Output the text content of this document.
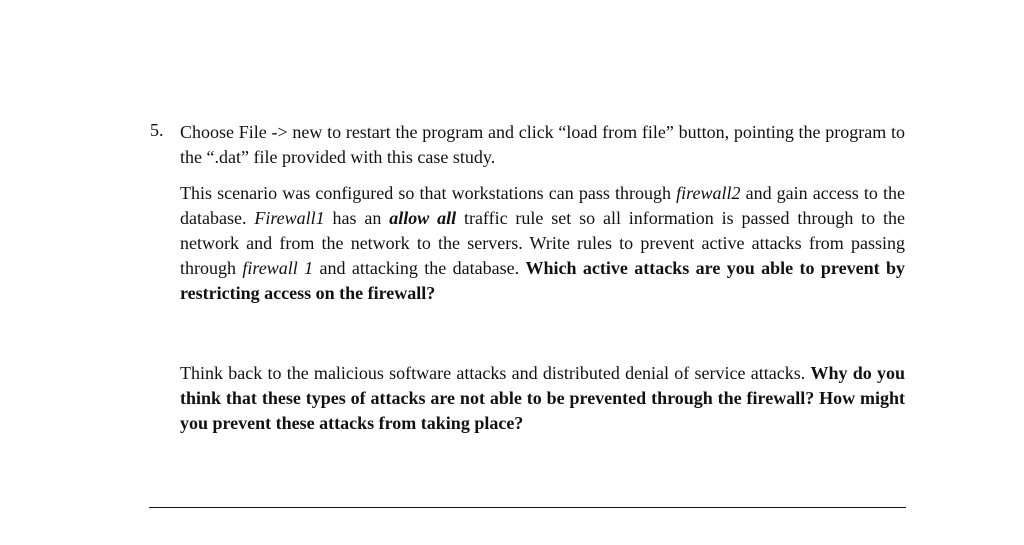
5. Choose File -> new to restart the program and click “load from file” button, pointing the program to the “.dat” file provided with this case study.

This scenario was configured so that workstations can pass through firewall2 and gain access to the database. Firewall1 has an allow all traffic rule set so all information is passed through to the network and from the network to the servers. Write rules to prevent active attacks from passing through firewall 1 and attacking the database. Which active attacks are you able to prevent by restricting access on the firewall?

Think back to the malicious software attacks and distributed denial of service attacks. Why do you think that these types of attacks are not able to be prevented through the firewall? How might you prevent these attacks from taking place?
